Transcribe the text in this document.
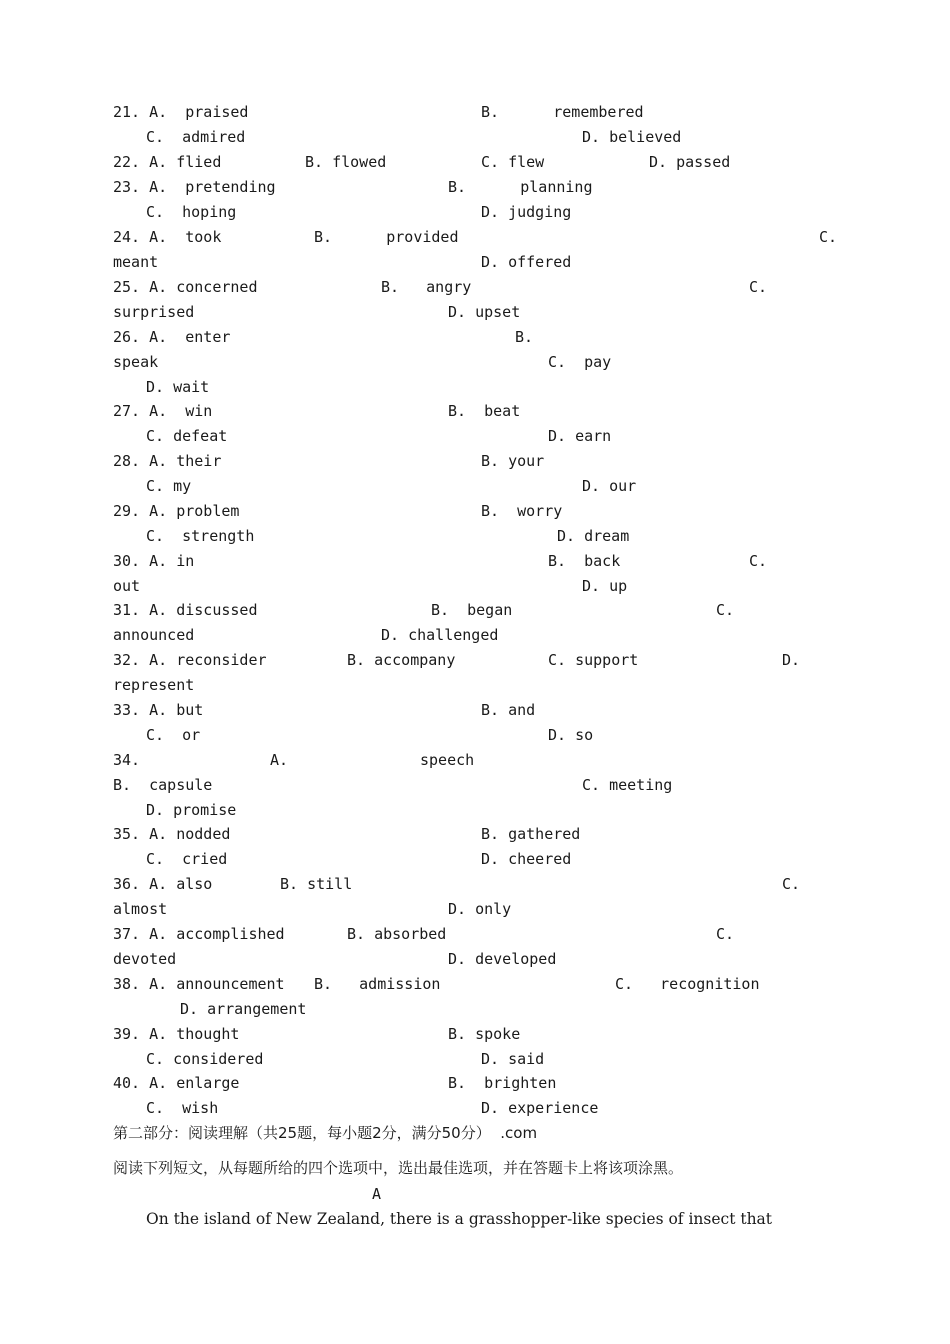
21. A.  praised	B.      remembered
C.  admired	D. believed
22. A. flied	B. flowed	C. flew	D. passed
23. A.  pretending	B.      planning
C.  hoping	D. judging
24. A.  took	B.      provided	C.
meant	D. offered
25. A. concerned	B.   angry	C.
surprised	D. upset
26. A.  enter	B.
speak	C.  pay
D. wait
27. A.  win	B.  beat
C. defeat	D. earn
28. A. their	B. your
C. my	D. our
29. A. problem	B.  worry
C.  strength	D. dream
30. A. in	B.  back	C.
out	D. up
31. A. discussed	B.  began	C.
announced	D. challenged
32. A. reconsider	B. accompany	C. support	D.
represent
33. A. but	B. and
C.  or	D. so
34.	A.	speech
B.  capsule	C. meeting
D. promise
35. A. nodded	B. gathered
C.  cried	D. cheered
36. A. also	B. still	C.
almost	D. only
37. A. accomplished	B. absorbed	C.
devoted	D. developed
38. A. announcement B.   admission	C.   recognition
D. arrangement
39. A. thought	B. spoke
C. considered	D. said
40. A. enlarge	B.  brighten
C.  wish	D. experience
第二部分：阅读理解（共25题，每小题2分，满分50分）  .com
阅读下列短文，从每题所给的四个选项中，选出最佳选项，并在答题卡上将该项涂黑。
A
On the island of New Zealand, there is a grasshopper-like species of insect that
